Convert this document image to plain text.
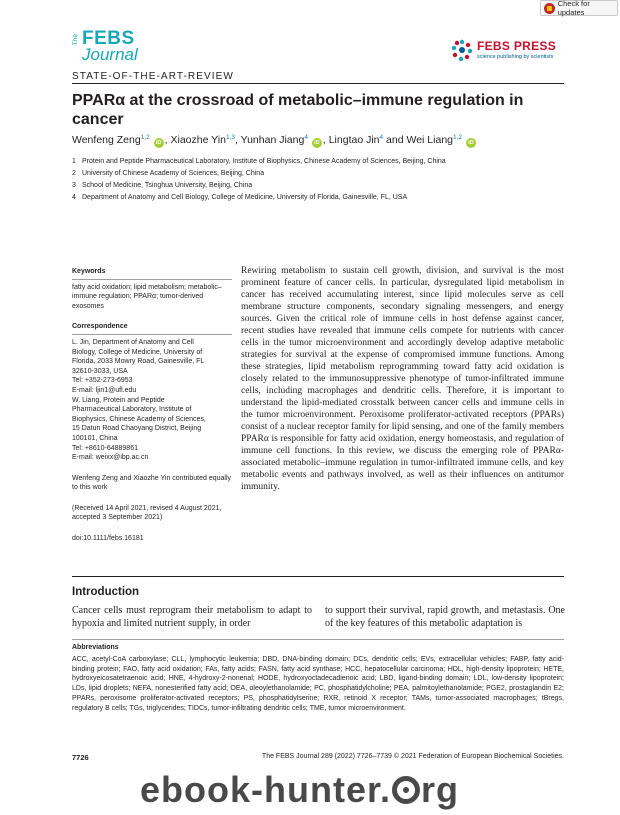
Check for updates
The FEBS
Journal	FEBS PRESS
science publishing by scientists
STATE-OF-THE-ART-REVIEW
PPARα at the crossroad of metabolic–immune regulation in cancer
Wenfeng Zeng$^{1,2}$ iD , Xiaozhe Yin$^{1,3}$, Yunhan Jiang$^4$ iD , Lingtao Jin$^4$ and Wei Liang$^{1,2}$ iD
1 Protein and Peptide Pharmaceutical Laboratory, Institute of Biophysics, Chinese Academy of Sciences, Beijing, China
2 University of Chinese Academy of Sciences, Beijing, China
3 School of Medicine, Tsinghua University, Beijing, China
4 Department of Anatomy and Cell Biology, College of Medicine, University of Florida, Gainesville, FL, USA
Keywords

fatty acid oxidation; lipid metabolism; metabolic–immune regulation; PPARα; tumor-derived exosomes

Correspondence

L. Jin, Department of Anatomy and Cell

Biology, College of Medicine, University of

Florida, 2033 Mowry Road, Gainesville, FL

32610-3033, USA

Tel: +352-273-6953

E-mail: ljin1@ufl.edu

W. Liang, Protein and Peptide

Pharmaceutical Laboratory, Institute of

Biophysics, Chinese Academy of Sciences,

15 Datun Road Chaoyang District, Beijing

100101, China

Tel: +8610-64889861

E-mail: weixx@ibp.ac.cn

Wenfeng Zeng and Xiaozhe Yin contributed equally to this work

(Received 14 April 2021, revised 4 August 2021, accepted 3 September 2021)

doi:10.1111/febs.16181

Rewiring metabolism to sustain cell growth, division, and survival is the most prominent feature of cancer cells. In particular, dysregulated lipid metabolism in cancer has received accumulating interest, since lipid molecules serve as cell membrane structure components, secondary signaling messengers, and energy sources. Given the critical role of immune cells in host defense against cancer, recent studies have revealed that immune cells compete for nutrients with cancer cells in the tumor microenvironment and accordingly develop adaptive metabolic strategies for survival at the expense of compromised immune functions. Among these strategies, lipid metabolism reprogramming toward fatty acid oxidation is closely related to the immunosuppressive phenotype of tumor-infiltrated immune cells, including macrophages and dendritic cells. Therefore, it is important to understand the lipid-mediated crosstalk between cancer cells and immune cells in the tumor microenvironment. Peroxisome proliferator-activated receptors (PPARs) consist of a nuclear receptor family for lipid sensing, and one of the family members PPARα is responsible for fatty acid oxidation, energy homeostasis, and regulation of immune cell functions. In this review, we discuss the emerging role of PPARα-associated metabolic–immune regulation in tumor-infiltrated immune cells, and key metabolic events and pathways involved, as well as their influences on antitumor immunity.
Introduction
Cancer cells must reprogram their metabolism to adapt to hypoxia and limited nutrient supply, in order
to support their survival, rapid growth, and metastasis. One of the key features of this metabolic adaptation is
Abbreviations
ACC, acetyl-CoA carboxylase; CLL, lymphocytic leukemia; DBD, DNA-binding domain; DCs, dendritic cells; EVs, extracellular vehicles; FABP, fatty acid-binding protein; FAO, fatty acid oxidation; FAs, fatty acids; FASN, fatty acid synthase; HCC, hepatocellular carcinoma; HDL, high-density lipoprotein; HETE, hydroxyeicosatetraenoic acid; HNE, 4-hydroxy-2-nonenal; HODE, hydroxyoctadecadienoic acid; LBD, ligand-binding domain; LDL, low-density lipoprotein; LDs, lipid droplets; NEFA, nonesterified fatty acid; OEA, oleoylethanolamide; PC, phosphatidylcholine; PEA, palmitoylethanolamide; PGE2, prostaglandin E2; PPARs, peroxisome proliferator-activated receptors; PS, phosphatidylserine; RXR, retinoid X receptor; TAMs, tumor-associated macrophages; tBregs, regulatory B cells; TGs, triglycerides; TIDCs, tumor-infiltrating dendritic cells; TME, tumor microenvironment.
7726	The FEBS Journal 289 (2022) 7726–7739 © 2021 Federation of European Biochemical Societies.
ebook-hunter. rg
